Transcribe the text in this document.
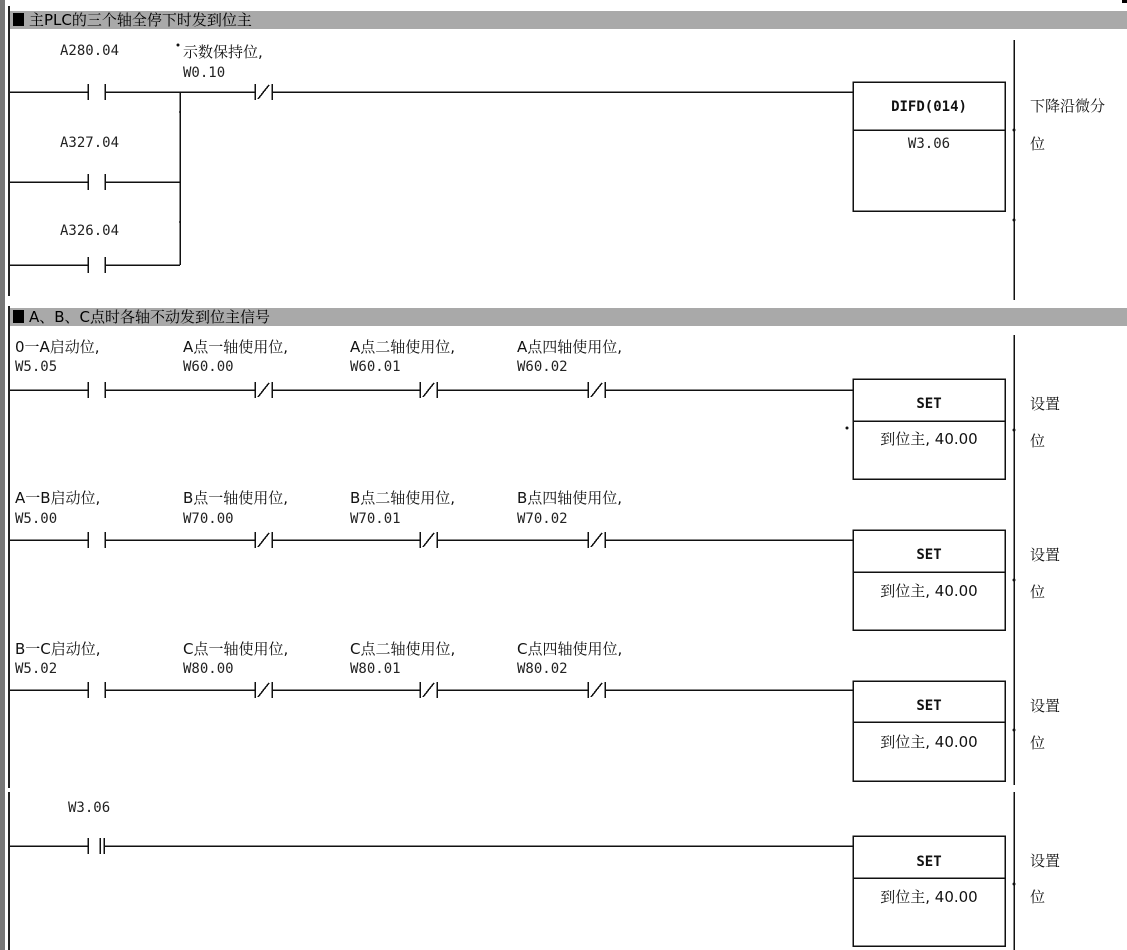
主PLC的三个轴全停下时发到位主
A280.04
A327.04
A326.04
示数保持位,
W0.10
DIFD(014)
W3.06
下降沿微分
位
A、B、C点时各轴不动发到位主信号
0一A启动位,
W5.05
A点一轴使用位,
W60.00
A点二轴使用位,
W60.01
A点四轴使用位,
W60.02
SET
到位主, 40.00
设置
位
A一B启动位,
W5.00
B点一轴使用位,
W70.00
B点二轴使用位,
W70.01
B点四轴使用位,
W70.02
SET
到位主, 40.00
设置
位
B一C启动位,
W5.02
C点一轴使用位,
W80.00
C点二轴使用位,
W80.01
C点四轴使用位,
W80.02
SET
到位主, 40.00
设置
位
W3.06
SET
到位主, 40.00
设置
位
